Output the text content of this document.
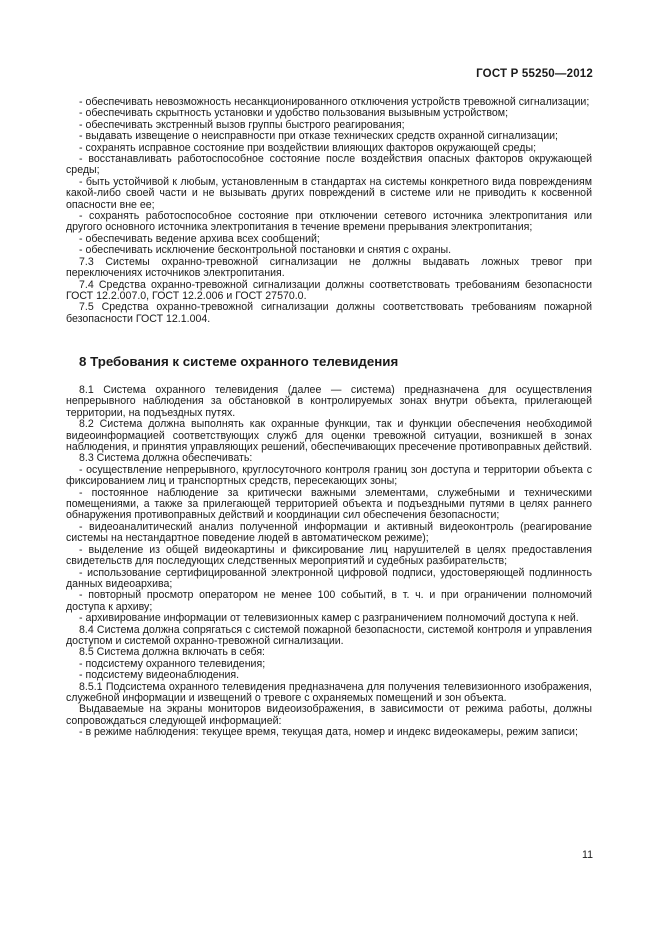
ГОСТ Р 55250—2012

- обеспечивать невозможность несанкционированного отключения устройств тревожной сигнализации;

- обеспечивать скрытность установки и удобство пользования вызывным устройством;

- обеспечивать экстренный вызов группы быстрого реагирования;

- выдавать извещение о неисправности при отказе технических средств охранной сигнализации;

- сохранять исправное состояние при воздействии влияющих факторов окружающей среды;

- восстанавливать работоспособное состояние после воздействия опасных факторов окружающей среды;

- быть устойчивой к любым, установленным в стандартах на системы конкретного вида повреждениям какой-либо своей части и не вызывать других повреждений в системе или не приводить к косвенной опасности вне ее;

- сохранять работоспособное состояние при отключении сетевого источника электропитания или другого основного источника электропитания в течение времени прерывания электропитания;

- обеспечивать ведение архива всех сообщений;

- обеспечивать исключение бесконтрольной постановки и снятия с охраны.

7.3 Системы охранно-тревожной сигнализации не должны выдавать ложных тревог при переключениях источников электропитания.

7.4 Средства охранно-тревожной сигнализации должны соответствовать требованиям безопасности ГОСТ 12.2.007.0, ГОСТ 12.2.006 и ГОСТ 27570.0.

7.5 Средства охранно-тревожной сигнализации должны соответствовать требованиям пожарной безопасности ГОСТ 12.1.004.

8 Требования к системе охранного телевидения

8.1 Система охранного телевидения (далее — система) предназначена для осуществления непрерывного наблюдения за обстановкой в контролируемых зонах внутри объекта, прилегающей территории, на подъездных путях.

8.2 Система должна выполнять как охранные функции, так и функции обеспечения необходимой видеоинформацией соответствующих служб для оценки тревожной ситуации, возникшей в зонах наблюдения, и принятия управляющих решений, обеспечивающих пресечение противоправных действий.

8.3 Система должна обеспечивать:

- осуществление непрерывного, круглосуточного контроля границ зон доступа и территории объекта с фиксированием лиц и транспортных средств, пересекающих зоны;

- постоянное наблюдение за критически важными элементами, служебными и техническими помещениями, а также за прилегающей территорией объекта и подъездными путями в целях раннего обнаружения противоправных действий и координации сил обеспечения безопасности;

- видеоаналитический анализ полученной информации и активный видеоконтроль (реагирование системы на нестандартное поведение людей в автоматическом режиме);

- выделение из общей видеокартины и фиксирование лиц нарушителей в целях предоставления свидетельств для последующих следственных мероприятий и судебных разбирательств;

- использование сертифицированной электронной цифровой подписи, удостоверяющей подлинность данных видеоархива;

- повторный просмотр оператором не менее 100 событий, в т. ч. и при ограничении полномочий доступа к архиву;

- архивирование информации от телевизионных камер с разграничением полномочий доступа к ней.

8.4 Система должна сопрягаться с системой пожарной безопасности, системой контроля и управления доступом и системой охранно-тревожной сигнализации.

8.5 Система должна включать в себя:

- подсистему охранного телевидения;

- подсистему видеонаблюдения.

8.5.1 Подсистема охранного телевидения предназначена для получения телевизионного изображения, служебной информации и извещений о тревоге с охраняемых помещений и зон объекта.

Выдаваемые на экраны мониторов видеоизображения, в зависимости от режима работы, должны сопровождаться следующей информацией:

- в режиме наблюдения: текущее время, текущая дата, номер и индекс видеокамеры, режим записи;

11
